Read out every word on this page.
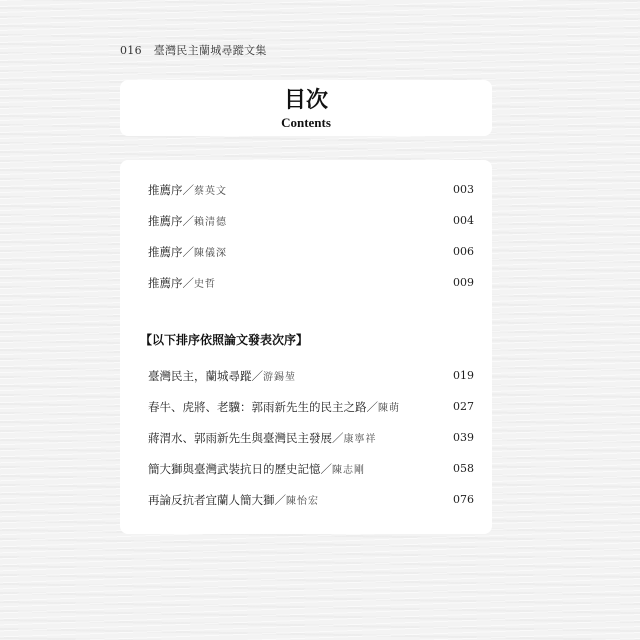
016 臺灣民主蘭城尋蹤文集
目次
Contents
推薦序／蔡英文	003
推薦序／賴清德	004
推薦序／陳儀深	006
推薦序／史哲	009
【以下排序依照論文發表次序】
臺灣民主，蘭城尋蹤／游錫堃	019
春牛、虎將、老驥：郭雨新先生的民主之路／陳萌	027
蔣渭水、郭雨新先生與臺灣民主發展／康寧祥	039
簡大獅與臺灣武裝抗日的歷史記憶／陳志剛	058
再論反抗者宜蘭人簡大獅／陳怡宏	076
